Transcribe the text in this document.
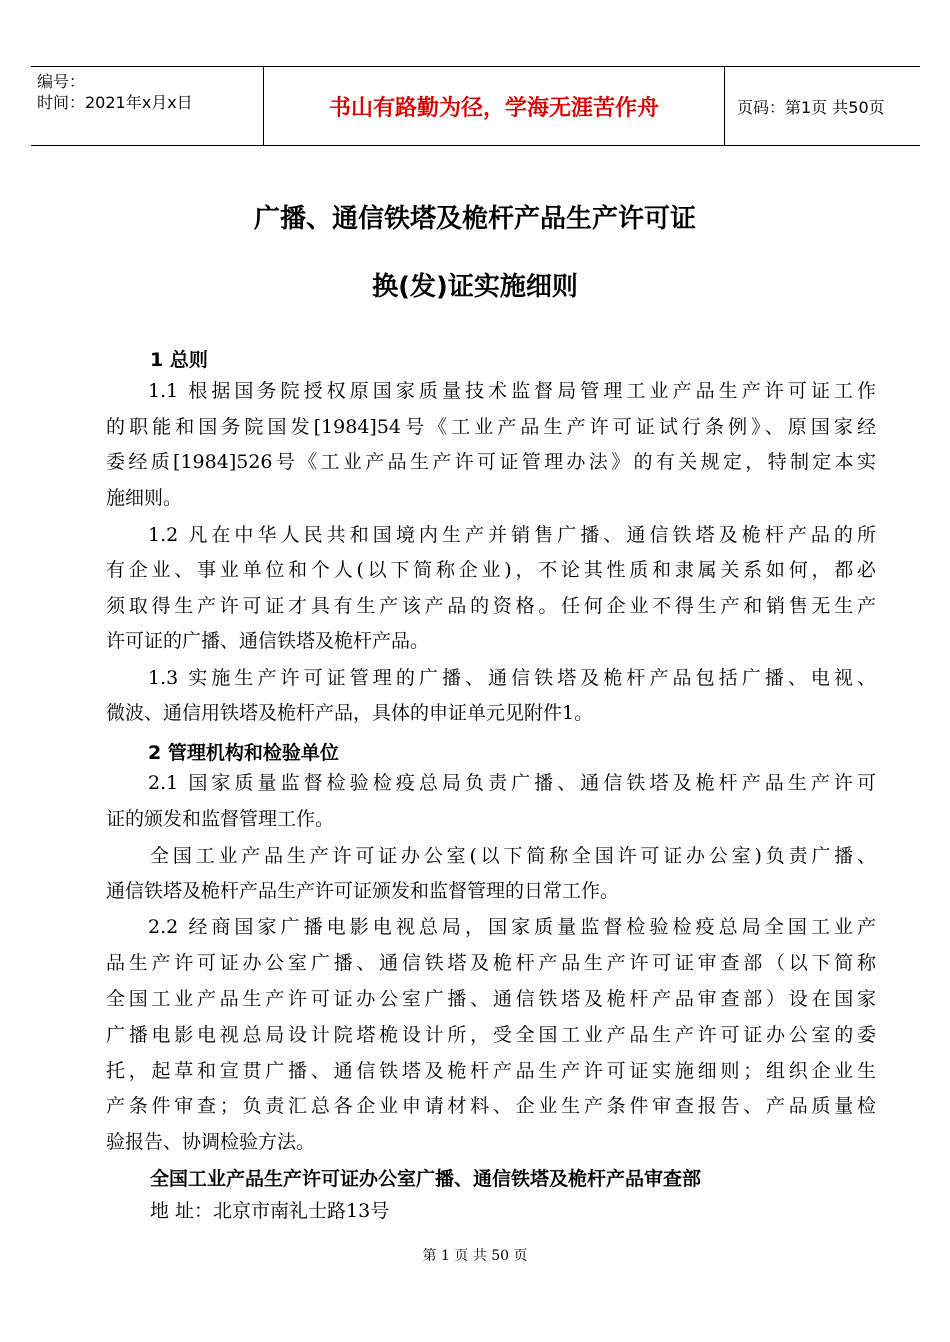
编号：
时间：2021年x月x日	书山有路勤为径，学海无涯苦作舟	页码：第1页 共50页
广播、通信铁塔及桅杆产品生产许可证
换(发)证实施细则
1 总则
1.1 根据国务院授权原国家质量技术监督局管理工业产品生产许可证工作
的职能和国务院国发[1984]54号《工业产品生产许可证试行条例》、原国家经
委经质[1984]526号《工业产品生产许可证管理办法》的有关规定，特制定本实
施细则。
1.2 凡在中华人民共和国境内生产并销售广播、通信铁塔及桅杆产品的所
有企业、事业单位和个人(以下简称企业)，不论其性质和隶属关系如何，都必
须取得生产许可证才具有生产该产品的资格。任何企业不得生产和销售无生产
许可证的广播、通信铁塔及桅杆产品。
1.3 实施生产许可证管理的广播、通信铁塔及桅杆产品包括广播、电视、
微波、通信用铁塔及桅杆产品，具体的申证单元见附件1。
2 管理机构和检验单位
2.1 国家质量监督检验检疫总局负责广播、通信铁塔及桅杆产品生产许可
证的颁发和监督管理工作。
全国工业产品生产许可证办公室(以下简称全国许可证办公室)负责广播、
通信铁塔及桅杆产品生产许可证颁发和监督管理的日常工作。
2.2 经商国家广播电影电视总局，国家质量监督检验检疫总局全国工业产
品生产许可证办公室广播、通信铁塔及桅杆产品生产许可证审查部（以下简称
全国工业产品生产许可证办公室广播、通信铁塔及桅杆产品审查部）设在国家
广播电影电视总局设计院塔桅设计所，受全国工业产品生产许可证办公室的委
托，起草和宣贯广播、通信铁塔及桅杆产品生产许可证实施细则；组织企业生
产条件审查；负责汇总各企业申请材料、企业生产条件审查报告、产品质量检
验报告、协调检验方法。
全国工业产品生产许可证办公室广播、通信铁塔及桅杆产品审查部
地 址：北京市南礼士路13号
第 1 页 共 50 页
